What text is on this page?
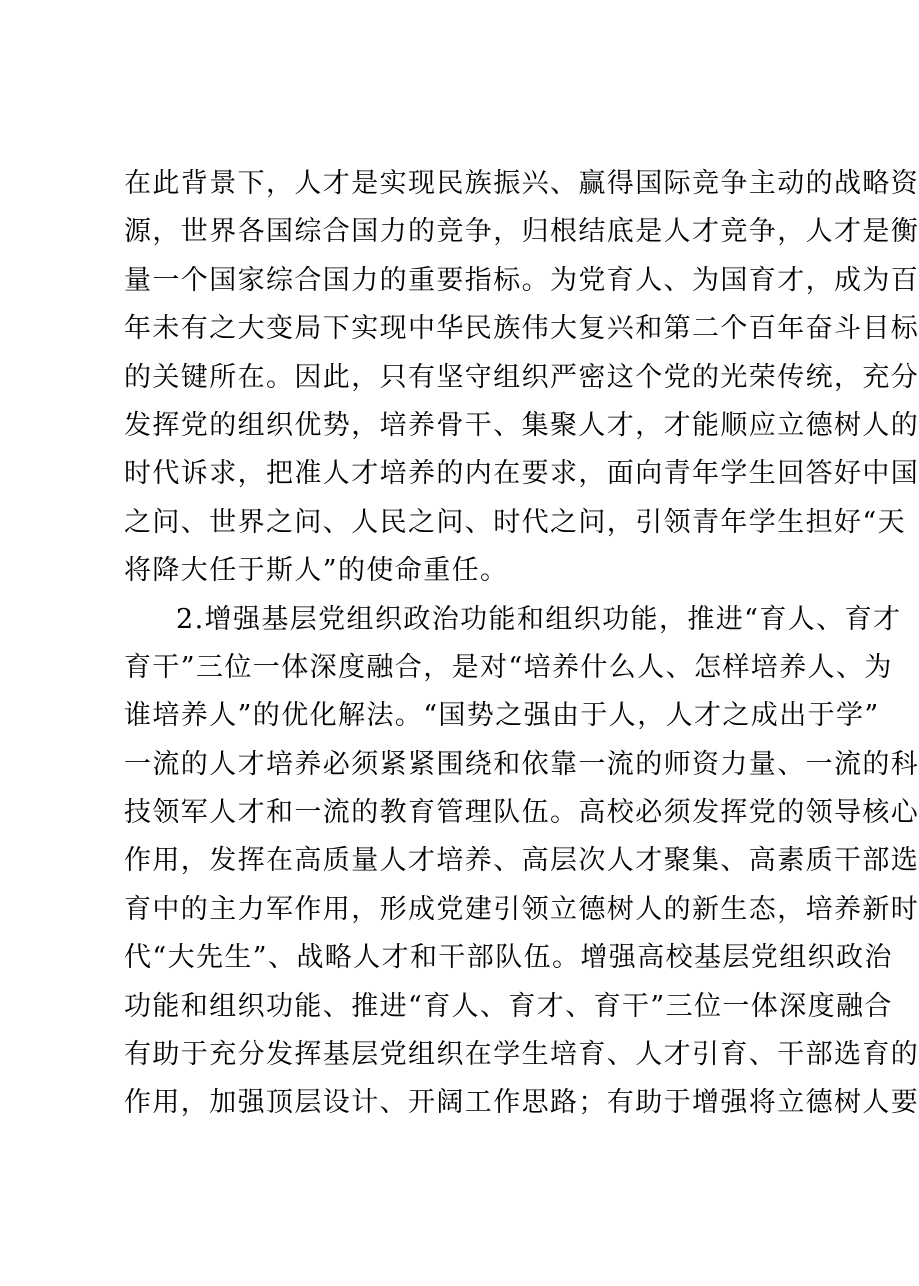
在此背景下，人才是实现民族振兴、赢得国际竞争主动的战略资
源，世界各国综合国力的竞争，归根结底是人才竞争，人才是衡
量一个国家综合国力的重要指标。为党育人、为国育才，成为百
年未有之大变局下实现中华民族伟大复兴和第二个百年奋斗目标
的关键所在。因此，只有坚守组织严密这个党的光荣传统，充分
发挥党的组织优势，培养骨干、集聚人才，才能顺应立德树人的
时代诉求，把准人才培养的内在要求，面向青年学生回答好中国
之问、世界之问、人民之问、时代之问，引领青年学生担好“天
将降大任于斯人”的使命重任。
2.增强基层党组织政治功能和组织功能，推进“育人、育才
育干”三位一体深度融合，是对“培养什么人、怎样培养人、为
谁培养人”的优化解法。“国势之强由于人，人才之成出于学”
一流的人才培养必须紧紧围绕和依靠一流的师资力量、一流的科
技领军人才和一流的教育管理队伍。高校必须发挥党的领导核心
作用，发挥在高质量人才培养、高层次人才聚集、高素质干部选
育中的主力军作用，形成党建引领立德树人的新生态，培养新时
代“大先生”、战略人才和干部队伍。增强高校基层党组织政治
功能和组织功能、推进“育人、育才、育干”三位一体深度融合
有助于充分发挥基层党组织在学生培育、人才引育、干部选育的
作用，加强顶层设计、开阔工作思路；有助于增强将立德树人要
